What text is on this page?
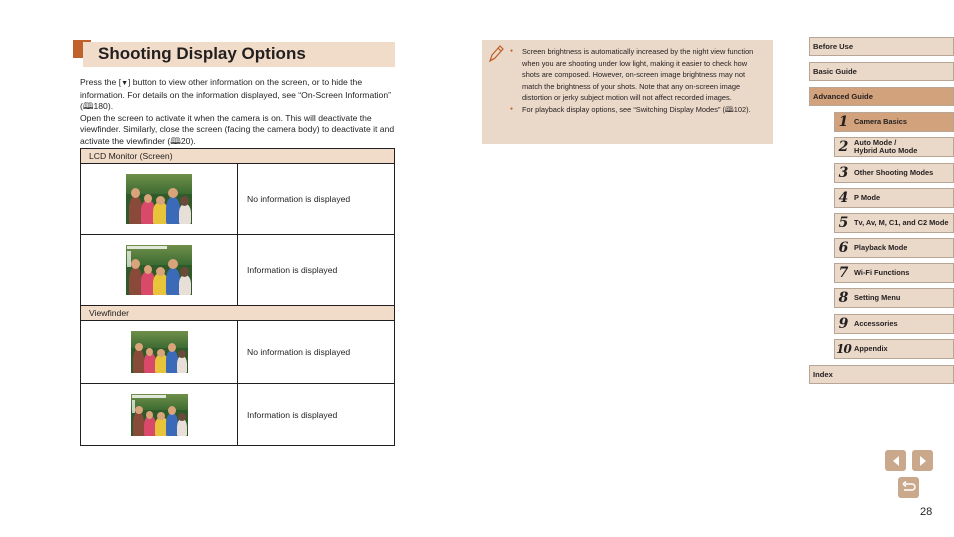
Shooting Display Options

Press the [▼] button to view other information on the screen, or to hide the information. For details on the information displayed, see “On-Screen Information” (🕮180).

Open the screen to activate it when the camera is on. This will deactivate the viewfinder. Similarly, close the screen (facing the camera body) to deactivate it and activate the viewfinder (🕮20).

LCD Monitor (Screen)
No information is displayed
Information is displayed
Viewfinder
No information is displayed
Information is displayed
● Screen brightness is automatically increased by the night view function when you are shooting under low light, making it easier to check how shots are composed. However, on-screen image brightness may not match the brightness of your shots. Note that any on-screen image distortion or jerky subject motion will not affect recorded images.
● For playback display options, see “Switching Display Modes” (🕮102).
Before Use
Basic Guide
Advanced Guide
1 Camera Basics
2 Auto Mode /
Hybrid Auto Mode
3 Other Shooting Modes
4 P Mode
5 Tv, Av, M, C1, and C2 Mode
6 Playback Mode
7 Wi-Fi Functions
8 Setting Menu
9 Accessories
10 Appendix
Index
28
